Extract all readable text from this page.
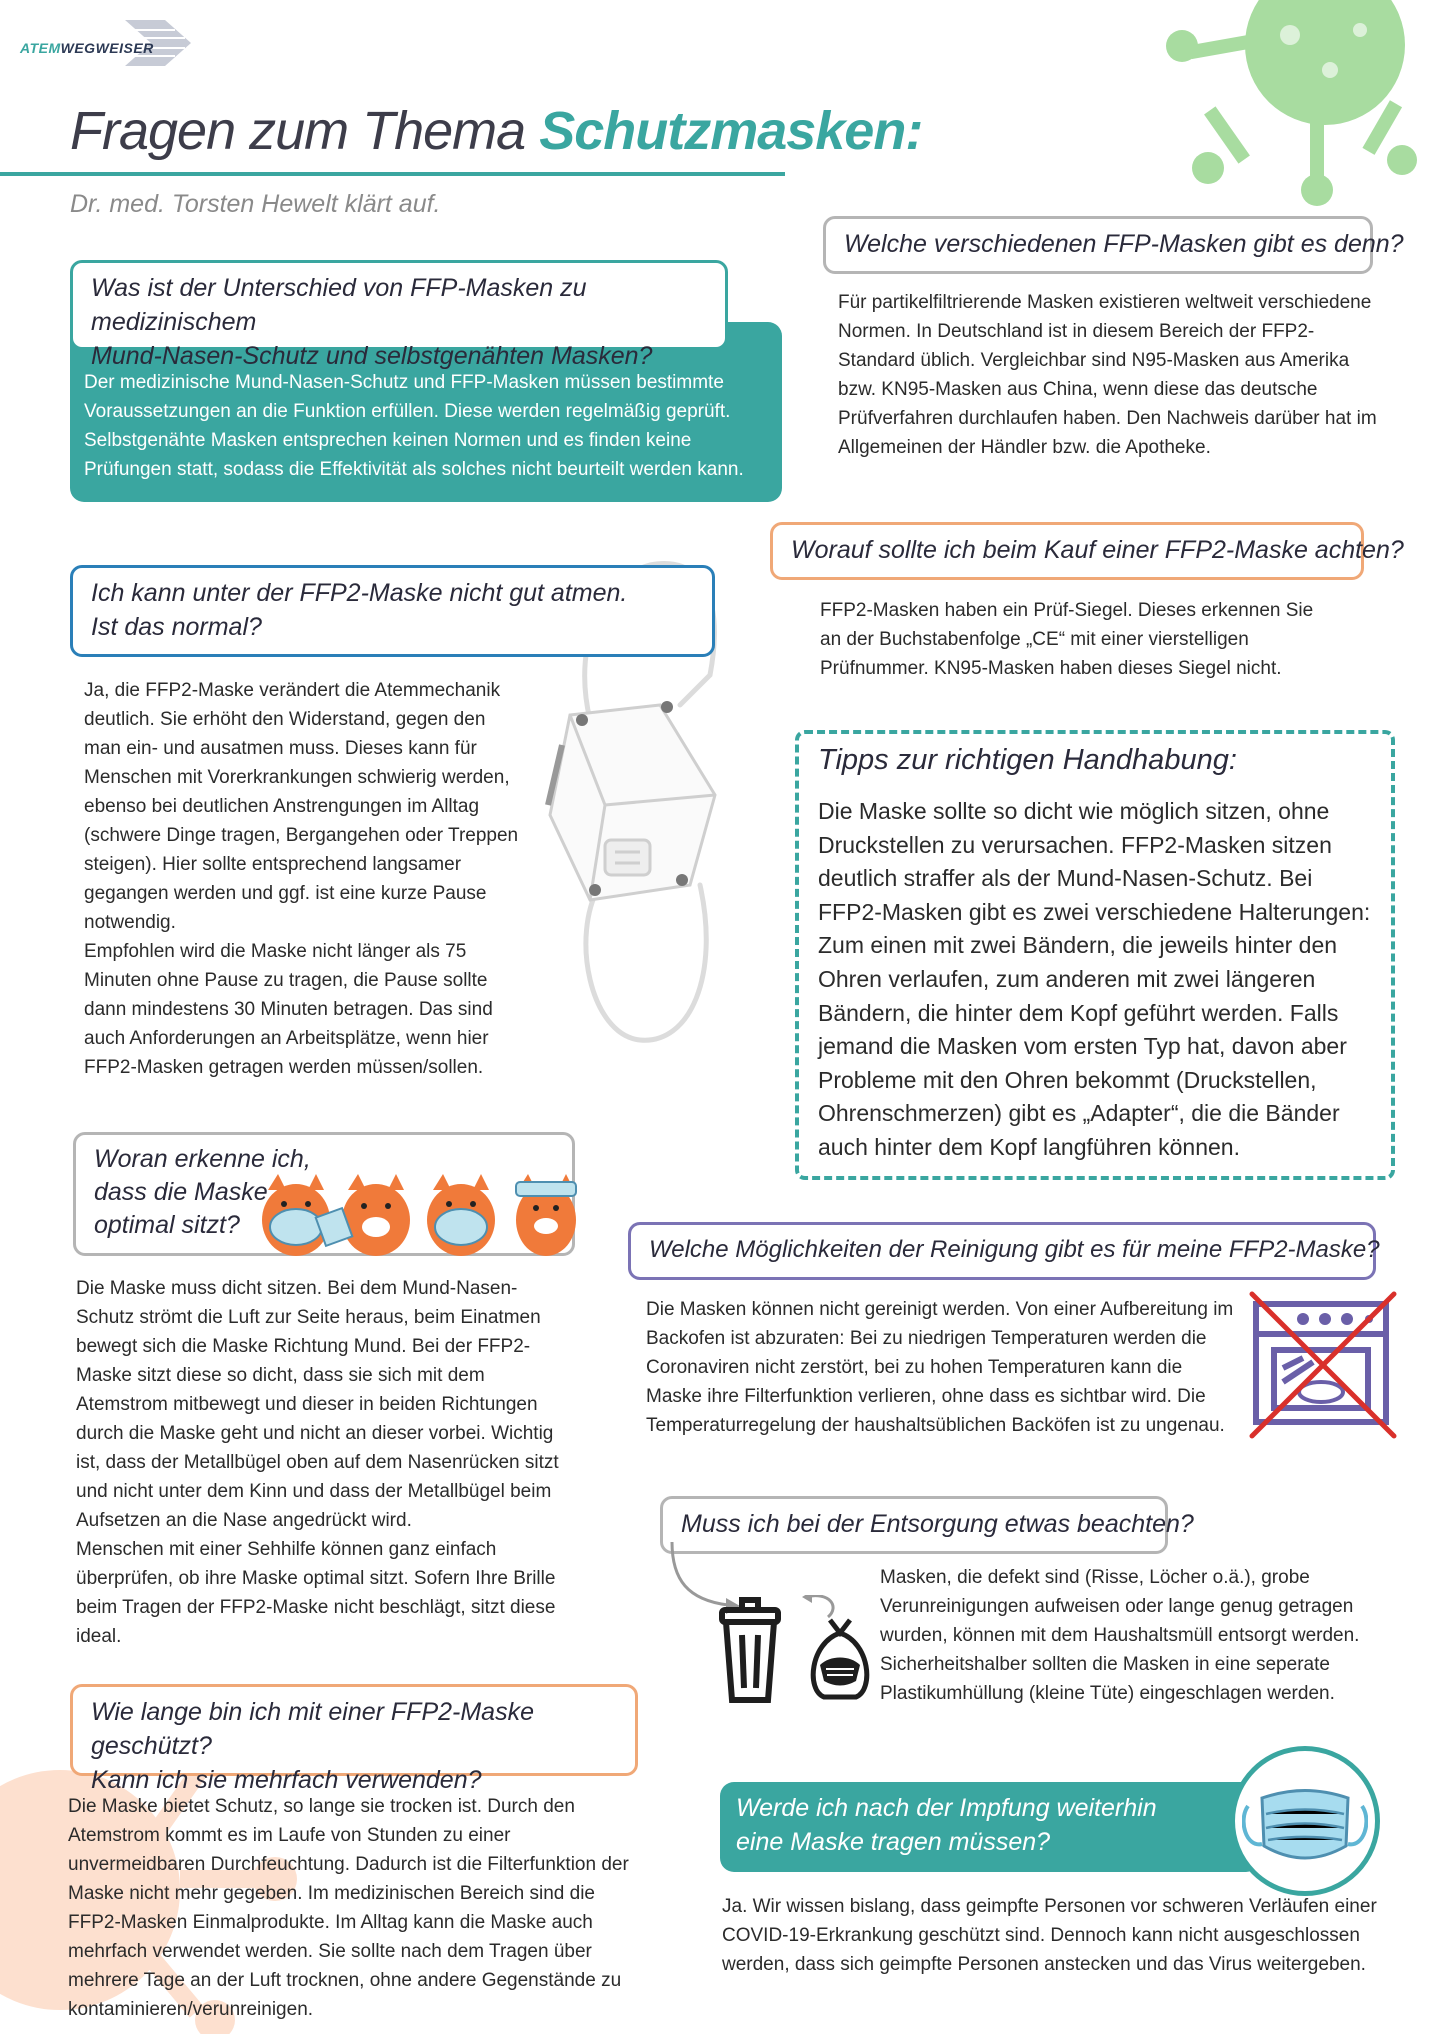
ATEMWEGWEISER
Fragen zum Thema Schutzmasken:
Dr. med. Torsten Hewelt klärt auf.
Was ist der Unterschied von FFP-Masken zu medizinischem
Mund-Nasen-Schutz und selbstgenähten Masken?
Der medizinische Mund-Nasen-Schutz und FFP-Masken müssen bestimmte Voraussetzungen an die Funktion erfüllen. Diese werden regelmäßig geprüft. Selbstgenähte Masken entsprechen keinen Normen und es finden keine Prüfungen statt, sodass die Effektivität als solches nicht beurteilt werden kann.
Welche verschiedenen FFP-Masken gibt es denn?
Für partikelfiltrierende Masken existieren weltweit verschiedene Normen. In Deutschland ist in diesem Bereich der FFP2-Standard üblich. Vergleichbar sind N95-Masken aus Amerika bzw. KN95-Masken aus China, wenn diese das deutsche Prüfverfahren durchlaufen haben. Den Nachweis darüber hat im Allgemeinen der Händler bzw. die Apotheke.
Worauf sollte ich beim Kauf einer FFP2-Maske achten?
FFP2-Masken haben ein Prüf-Siegel. Dieses erkennen Sie an der Buchstabenfolge „CE“ mit einer vierstelligen Prüfnummer. KN95-Masken haben dieses Siegel nicht.
Ich kann unter der FFP2-Maske nicht gut atmen.
Ist das normal?
Ja, die FFP2-Maske verändert die Atemmechanik deutlich. Sie erhöht den Widerstand, gegen den man ein- und ausatmen muss. Dieses kann für Menschen mit Vorerkrankungen schwierig werden, ebenso bei deutlichen Anstrengungen im Alltag (schwere Dinge tragen, Bergangehen oder Treppen steigen). Hier sollte entsprechend langsamer gegangen werden und ggf. ist eine kurze Pause notwendig.
Empfohlen wird die Maske nicht länger als 75 Minuten ohne Pause zu tragen, die Pause sollte dann mindestens 30 Minuten betragen. Das sind auch Anforderungen an Arbeitsplätze, wenn hier FFP2-Masken getragen werden müssen/sollen.
Tipps zur richtigen Handhabung:
Die Maske sollte so dicht wie möglich sitzen, ohne Druckstellen zu verursachen. FFP2-Masken sitzen deutlich straffer als der Mund-Nasen-Schutz. Bei FFP2-Masken gibt es zwei verschiedene Halterungen: Zum einen mit zwei Bändern, die jeweils hinter den Ohren verlaufen, zum anderen mit zwei längeren Bändern, die hinter dem Kopf geführt werden. Falls jemand die Masken vom ersten Typ hat, davon aber Probleme mit den Ohren bekommt (Druckstellen, Ohrenschmerzen) gibt es „Adapter“, die die Bänder auch hinter dem Kopf langführen können.
Woran erkenne ich,
dass die Maske
optimal sitzt?
Die Maske muss dicht sitzen. Bei dem Mund-Nasen-Schutz strömt die Luft zur Seite heraus, beim Einatmen bewegt sich die Maske Richtung Mund. Bei der FFP2-Maske sitzt diese so dicht, dass sie sich mit dem Atemstrom mitbewegt und dieser in beiden Richtungen durch die Maske geht und nicht an dieser vorbei. Wichtig ist, dass der Metallbügel oben auf dem Nasenrücken sitzt und nicht unter dem Kinn und dass der Metallbügel beim Aufsetzen an die Nase angedrückt wird.
Menschen mit einer Sehhilfe können ganz einfach überprüfen, ob ihre Maske optimal sitzt. Sofern Ihre Brille beim Tragen der FFP2-Maske nicht beschlägt, sitzt diese ideal.
Welche Möglichkeiten der Reinigung gibt es für meine FFP2-Maske?
Die Masken können nicht gereinigt werden. Von einer Aufbereitung im Backofen ist abzuraten: Bei zu niedrigen Temperaturen werden die Coronaviren nicht zerstört, bei zu hohen Temperaturen kann die Maske ihre Filterfunktion verlieren, ohne dass es sichtbar wird. Die Temperaturregelung der haushaltsüblichen Backöfen ist zu ungenau.
Muss ich bei der Entsorgung etwas beachten?
Masken, die defekt sind (Risse, Löcher o.ä.), grobe Verunreinigungen aufweisen oder lange genug getragen wurden, können mit dem Haushaltsmüll entsorgt werden. Sicherheitshalber sollten die Masken in eine seperate Plastikumhüllung (kleine Tüte) eingeschlagen werden.
Wie lange bin ich mit einer FFP2-Maske geschützt?
Kann ich sie mehrfach verwenden?
Die Maske bietet Schutz, so lange sie trocken ist. Durch den Atemstrom kommt es im Laufe von Stunden zu einer unvermeidbaren Durchfeuchtung. Dadurch ist die Filterfunktion der Maske nicht mehr gegeben. Im medizinischen Bereich sind die FFP2-Masken Einmalprodukte. Im Alltag kann die Maske auch mehrfach verwendet werden. Sie sollte nach dem Tragen über mehrere Tage an der Luft trocknen, ohne andere Gegenstände zu kontaminieren/verunreinigen.
Werde ich nach der Impfung weiterhin
eine Maske tragen müssen?
Ja. Wir wissen bislang, dass geimpfte Personen vor schweren Verläufen einer COVID-19-Erkrankung geschützt sind. Dennoch kann nicht ausgeschlossen werden, dass sich geimpfte Personen anstecken und das Virus weitergeben.
